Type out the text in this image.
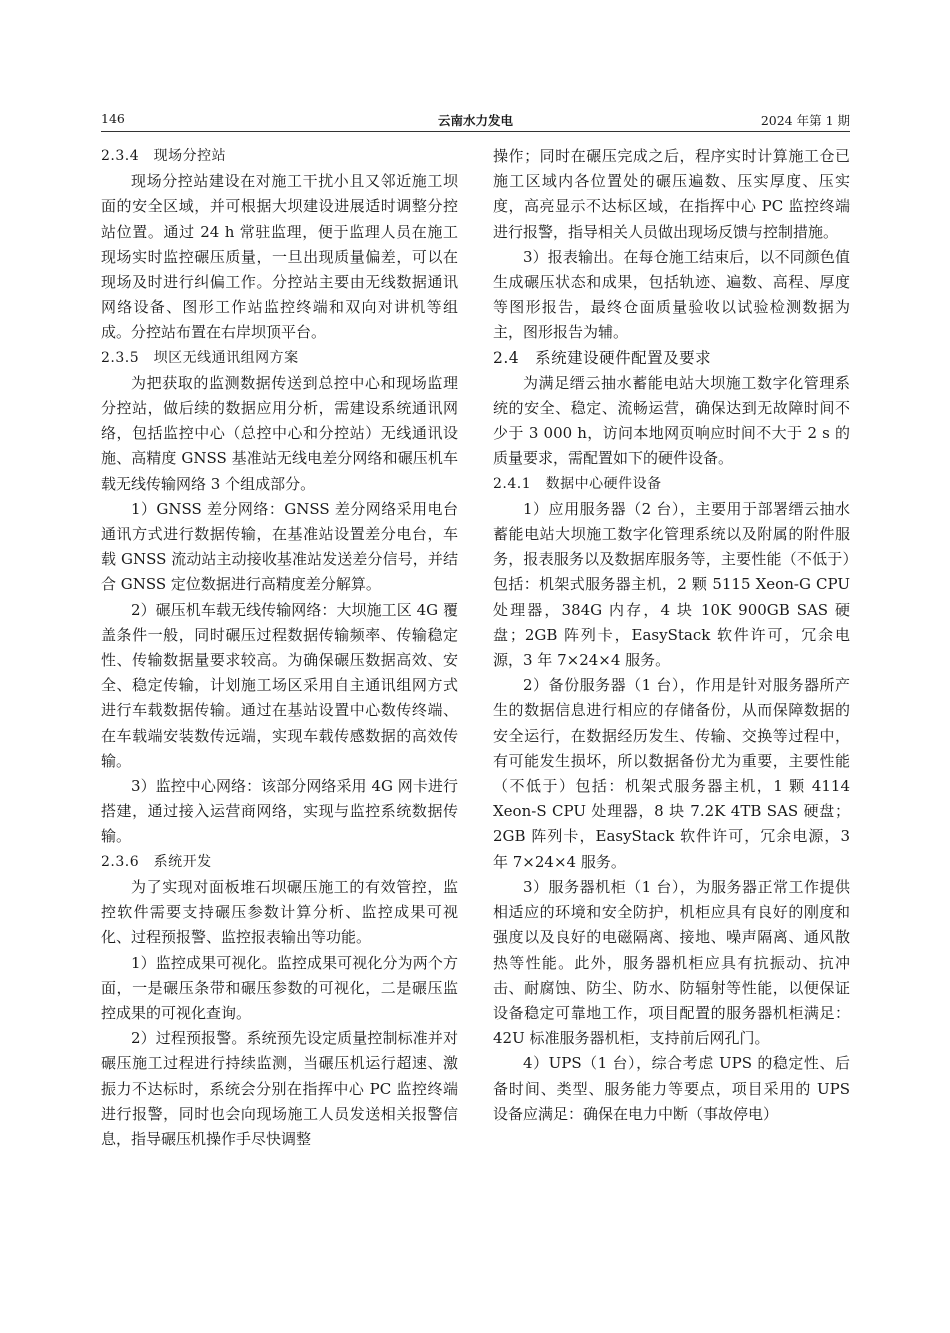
146	云南水力发电	2024 年第 1 期
2.3.4　现场分控站

现场分控站建设在对施工干扰小且又邻近施工坝面的安全区域，并可根据大坝建设进展适时调整分控站位置。通过 24 h 常驻监理，便于监理人员在施工现场实时监控碾压质量，一旦出现质量偏差，可以在现场及时进行纠偏工作。分控站主要由无线数据通讯网络设备、图形工作站监控终端和双向对讲机等组成。分控站布置在右岸坝顶平台。

2.3.5　坝区无线通讯组网方案

为把获取的监测数据传送到总控中心和现场监理分控站，做后续的数据应用分析，需建设系统通讯网络，包括监控中心（总控中心和分控站）无线通讯设施、高精度 GNSS 基准站无线电差分网络和碾压机车载无线传输网络 3 个组成部分。

1）GNSS 差分网络：GNSS 差分网络采用电台通讯方式进行数据传输，在基准站设置差分电台，车载 GNSS 流动站主动接收基准站发送差分信号，并结合 GNSS 定位数据进行高精度差分解算。

2）碾压机车载无线传输网络：大坝施工区 4G 覆盖条件一般，同时碾压过程数据传输频率、传输稳定性、传输数据量要求较高。为确保碾压数据高效、安全、稳定传输，计划施工场区采用自主通讯组网方式进行车载数据传输。通过在基站设置中心数传终端、在车载端安装数传远端，实现车载传感数据的高效传输。

3）监控中心网络：该部分网络采用 4G 网卡进行搭建，通过接入运营商网络，实现与监控系统数据传输。

2.3.6　系统开发

为了实现对面板堆石坝碾压施工的有效管控，监控软件需要支持碾压参数计算分析、监控成果可视化、过程预报警、监控报表输出等功能。

1）监控成果可视化。监控成果可视化分为两个方面，一是碾压条带和碾压参数的可视化，二是碾压监控成果的可视化查询。

2）过程预报警。系统预先设定质量控制标准并对碾压施工过程进行持续监测，当碾压机运行超速、激振力不达标时，系统会分别在指挥中心 PC 监控终端进行报警，同时也会向现场施工人员发送相关报警信息，指导碾压机操作手尽快调整

操作；同时在碾压完成之后，程序实时计算施工仓已施工区域内各位置处的碾压遍数、压实厚度、压实度，高亮显示不达标区域，在指挥中心 PC 监控终端进行报警，指导相关人员做出现场反馈与控制措施。

3）报表输出。在每仓施工结束后，以不同颜色值生成碾压状态和成果，包括轨迹、遍数、高程、厚度等图形报告，最终仓面质量验收以试验检测数据为主，图形报告为辅。

2.4　系统建设硬件配置及要求

为满足缙云抽水蓄能电站大坝施工数字化管理系统的安全、稳定、流畅运营，确保达到无故障时间不少于 3 000 h，访问本地网页响应时间不大于 2 s 的质量要求，需配置如下的硬件设备。

2.4.1　数据中心硬件设备

1）应用服务器（2 台），主要用于部署缙云抽水蓄能电站大坝施工数字化管理系统以及附属的附件服务，报表服务以及数据库服务等，主要性能（不低于）包括：机架式服务器主机，2 颗 5115 Xeon-G CPU 处理器，384G 内存，4 块 10K 900GB SAS 硬盘；2GB 阵列卡，EasyStack 软件许可，冗余电源，3 年 7×24×4 服务。

2）备份服务器（1 台），作用是针对服务器所产生的数据信息进行相应的存储备份，从而保障数据的安全运行，在数据经历发生、传输、交换等过程中，有可能发生损坏，所以数据备份尤为重要，主要性能（不低于）包括：机架式服务器主机，1 颗 4114 Xeon-S CPU 处理器，8 块 7.2K 4TB SAS 硬盘；2GB 阵列卡，EasyStack 软件许可，冗余电源，3 年 7×24×4 服务。

3）服务器机柜（1 台），为服务器正常工作提供相适应的环境和安全防护，机柜应具有良好的刚度和强度以及良好的电磁隔离、接地、噪声隔离、通风散热等性能。此外，服务器机柜应具有抗振动、抗冲击、耐腐蚀、防尘、防水、防辐射等性能，以便保证设备稳定可靠地工作，项目配置的服务器机柜满足：42U 标准服务器机柜，支持前后网孔门。

4）UPS（1 台），综合考虑 UPS 的稳定性、后备时间、类型、服务能力等要点，项目采用的 UPS 设备应满足：确保在电力中断（事故停电）
